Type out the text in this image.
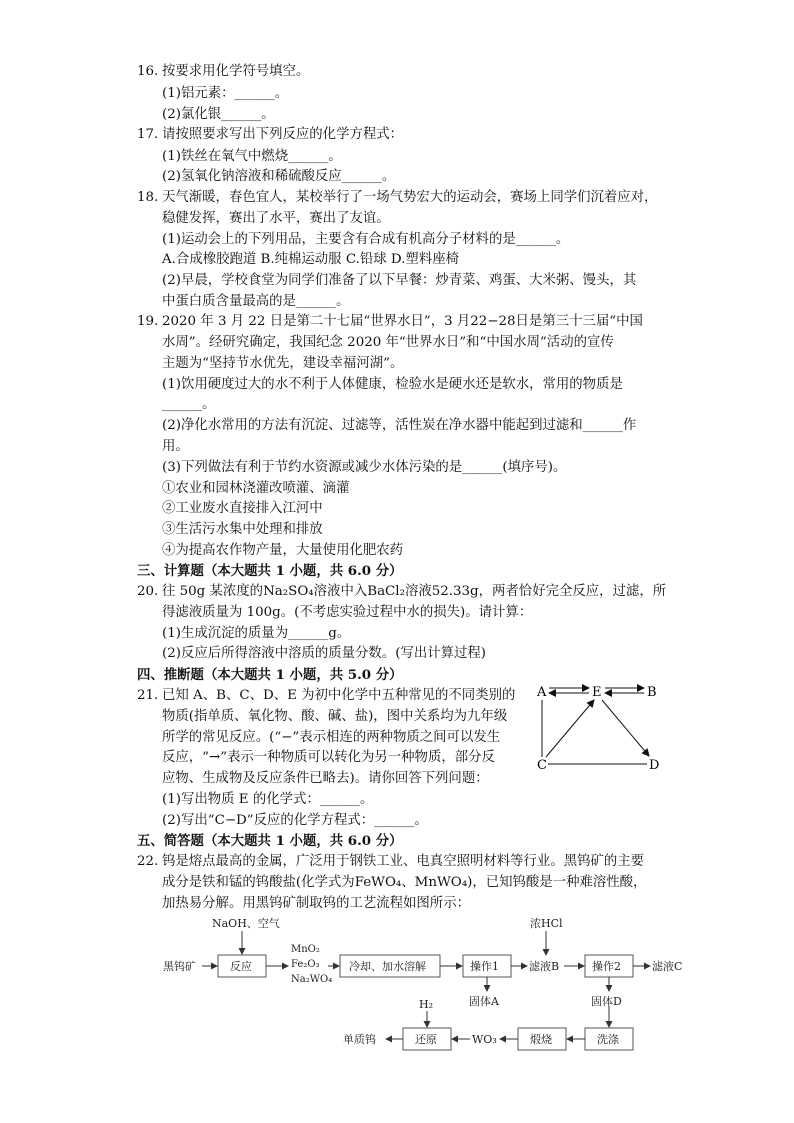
16. 按要求用化学符号填空。
(1)铝元素：______。
(2)氯化银______。
17. 请按照要求写出下列反应的化学方程式：
(1)铁丝在氧气中燃烧______。
(2)氢氧化钠溶液和稀硫酸反应______。
18. 天气渐暖，春色宜人，某校举行了一场气势宏大的运动会，赛场上同学们沉着应对，
稳健发挥，赛出了水平，赛出了友谊。
(1)运动会上的下列用品，主要含有合成有机高分子材料的是______。
A.合成橡胶跑道 B.纯棉运动服 C.铅球 D.塑料座椅
(2)早晨，学校食堂为同学们准备了以下早餐：炒青菜、鸡蛋、大米粥、馒头，其
中蛋白质含量最高的是______。
19. 2020 年 3 月 22 日是第二十七届“世界水日”，3 月22−28日是第三十三届“中国
水周”。经研究确定，我国纪念 2020 年“世界水日”和“中国水周”活动的宣传
主题为“坚持节水优先，建设幸福河湖”。
(1)饮用硬度过大的水不利于人体健康，检验水是硬水还是软水，常用的物质是
______。
(2)净化水常用的方法有沉淀、过滤等，活性炭在净水器中能起到过滤和______作
用。
(3)下列做法有利于节约水资源或减少水体污染的是______(填序号)。
①农业和园林浇灌改喷灌、滴灌
②工业废水直接排入江河中
③生活污水集中处理和排放
④为提高农作物产量，大量使用化肥农药
三、计算题（本大题共 1 小题，共 6.0 分）
20. 往 50g 某浓度的Na₂SO₄溶液中入BaCl₂溶液52.33g，两者恰好完全反应，过滤，所
得滤液质量为 100g。(不考虑实验过程中水的损失)。请计算：
(1)生成沉淀的质量为______g。
(2)反应后所得溶液中溶质的质量分数。(写出计算过程)
四、推断题（本大题共 1 小题，共 5.0 分）
21. 已知 A、B、C、D、E 为初中化学中五种常见的不同类别的
物质(指单质、氧化物、酸、碱、盐)，图中关系均为九年级
所学的常见反应。(“−”表示相连的两种物质之间可以发生
反应，“→”表示一种物质可以转化为另一种物质，部分反
应物、生成物及反应条件已略去)。请你回答下列问题：
(1)写出物质 E 的化学式：______。
(2)写出“C−D”反应的化学方程式：______。
A	E	B
C	D
五、简答题（本大题共 1 小题，共 6.0 分）
22. 钨是熔点最高的金属，广泛用于钢铁工业、电真空照明材料等行业。黑钨矿的主要
成分是铁和锰的钨酸盐(化学式为FeWO₄、MnWO₄)，已知钨酸是一种难溶性酸，
加热易分解。用黑钨矿制取钨的工艺流程如图所示：
黑钨矿
NaOH、空气
反应
MnO₂
Fe₂O₃
Na₂WO₄
冷却、加水溶解	操作1	滤液B
浓HCl
操作2	滤液C
固体A	固体D
H₂
还原
单质钨	WO₃	煅烧	洗涤
